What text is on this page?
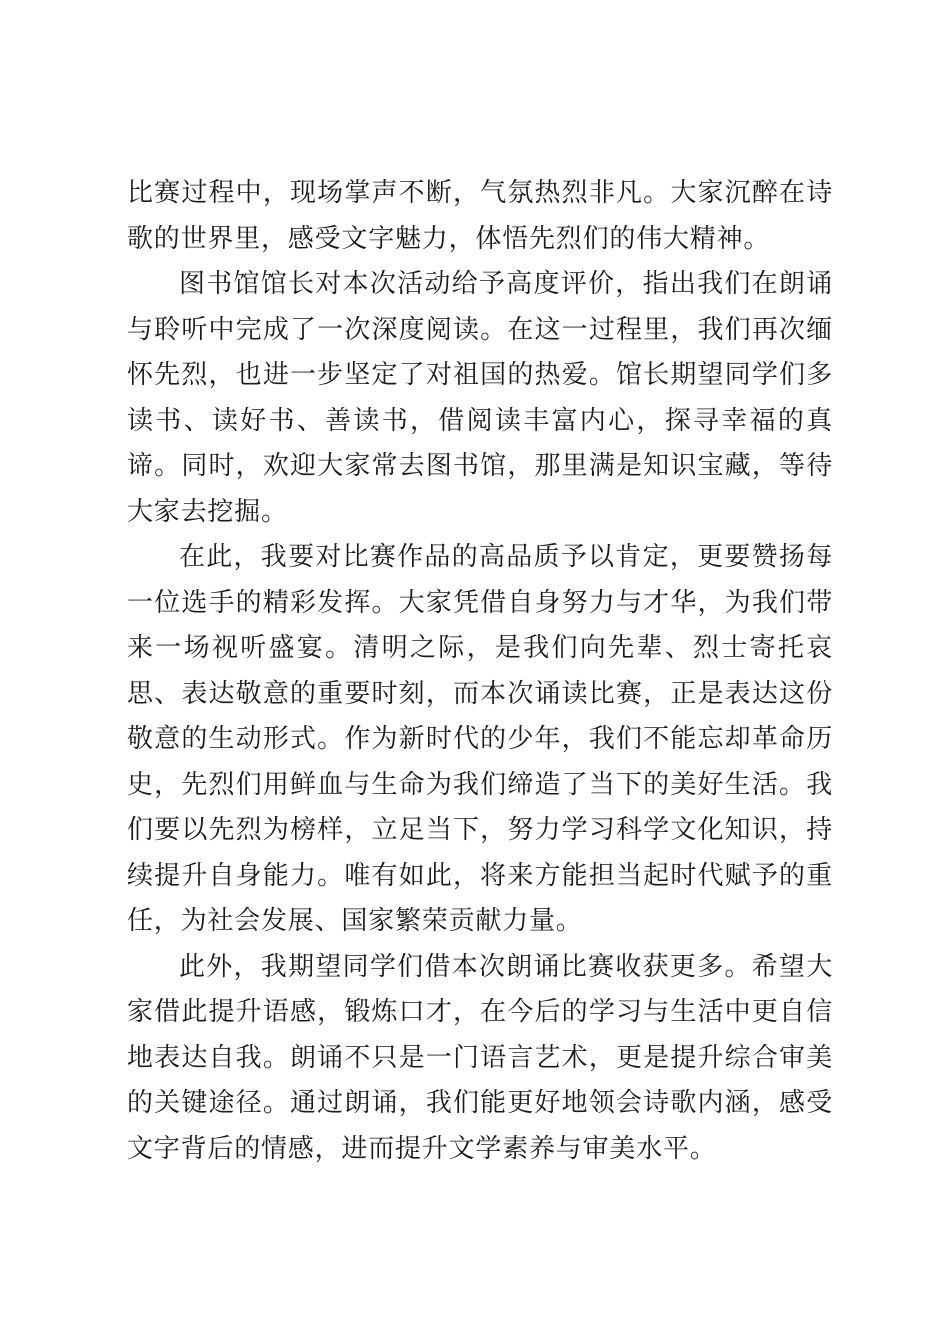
比赛过程中，现场掌声不断，气氛热烈非凡。大家沉醉在诗歌的世界里，感受文字魅力，体悟先烈们的伟大精神。

图书馆馆长对本次活动给予高度评价，指出我们在朗诵与聆听中完成了一次深度阅读。在这一过程里，我们再次缅怀先烈，也进一步坚定了对祖国的热爱。馆长期望同学们多读书、读好书、善读书，借阅读丰富内心，探寻幸福的真谛。同时，欢迎大家常去图书馆，那里满是知识宝藏，等待大家去挖掘。

在此，我要对比赛作品的高品质予以肯定，更要赞扬每一位选手的精彩发挥。大家凭借自身努力与才华，为我们带来一场视听盛宴。清明之际，是我们向先辈、烈士寄托哀思、表达敬意的重要时刻，而本次诵读比赛，正是表达这份敬意的生动形式。作为新时代的少年，我们不能忘却革命历史，先烈们用鲜血与生命为我们缔造了当下的美好生活。我们要以先烈为榜样，立足当下，努力学习科学文化知识，持续提升自身能力。唯有如此，将来方能担当起时代赋予的重任，为社会发展、国家繁荣贡献力量。

此外，我期望同学们借本次朗诵比赛收获更多。希望大家借此提升语感，锻炼口才，在今后的学习与生活中更自信地表达自我。朗诵不只是一门语言艺术，更是提升综合审美的关键途径。通过朗诵，我们能更好地领会诗歌内涵，感受文字背后的情感，进而提升文学素养与审美水平。
